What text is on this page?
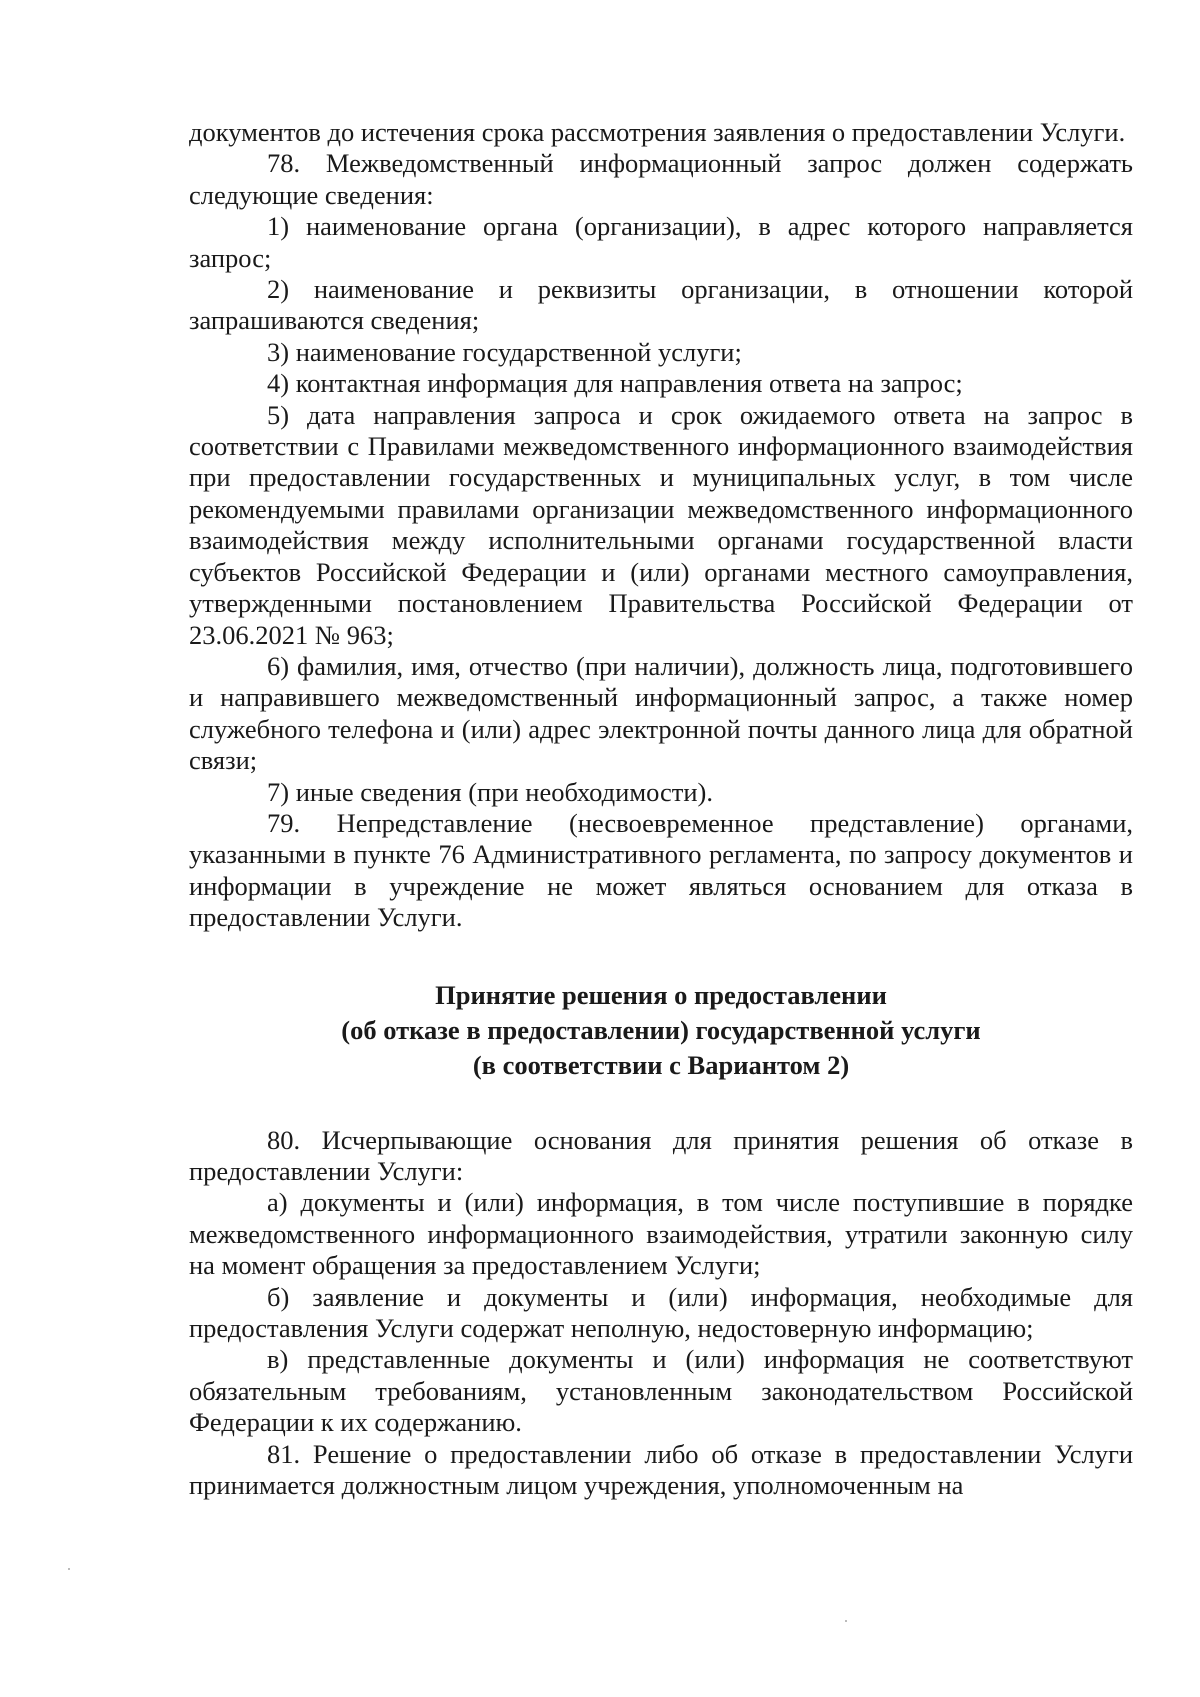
документов до истечения срока рассмотрения заявления о предоставлении Услуги.

78. Межведомственный информационный запрос должен содержать следующие сведения:

1) наименование органа (организации), в адрес которого направляется запрос;

2) наименование и реквизиты организации, в отношении которой запрашиваются сведения;

3) наименование государственной услуги;

4) контактная информация для направления ответа на запрос;

5) дата направления запроса и срок ожидаемого ответа на запрос в соответствии с Правилами межведомственного информационного взаимодействия при предоставлении государственных и муниципальных услуг, в том числе рекомендуемыми правилами организации межведомственного информационного взаимодействия между исполнительными органами государственной власти субъектов Российской Федерации и (или) органами местного самоуправления, утвержденными постановлением Правительства Российской Федерации от 23.06.2021 № 963;

6) фамилия, имя, отчество (при наличии), должность лица, подготовившего и направившего межведомственный информационный запрос, а также номер служебного телефона и (или) адрес электронной почты данного лица для обратной связи;

7) иные сведения (при необходимости).

79. Непредставление (несвоевременное представление) органами, указанными в пункте 76 Административного регламента, по запросу документов и информации в учреждение не может являться основанием для отказа в предоставлении Услуги.

Принятие решения о предоставлении

(об отказе в предоставлении) государственной услуги

(в соответствии с Вариантом 2)

80. Исчерпывающие основания для принятия решения об отказе в предоставлении Услуги:

а) документы и (или) информация, в том числе поступившие в порядке межведомственного информационного взаимодействия, утратили законную силу на момент обращения за предоставлением Услуги;

б) заявление и документы и (или) информация, необходимые для предоставления Услуги содержат неполную, недостоверную информацию;

в) представленные документы и (или) информация не соответствуют обязательным требованиям, установленным законодательством Российской Федерации к их содержанию.

81. Решение о предоставлении либо об отказе в предоставлении Услуги принимается должностным лицом учреждения, уполномоченным на
